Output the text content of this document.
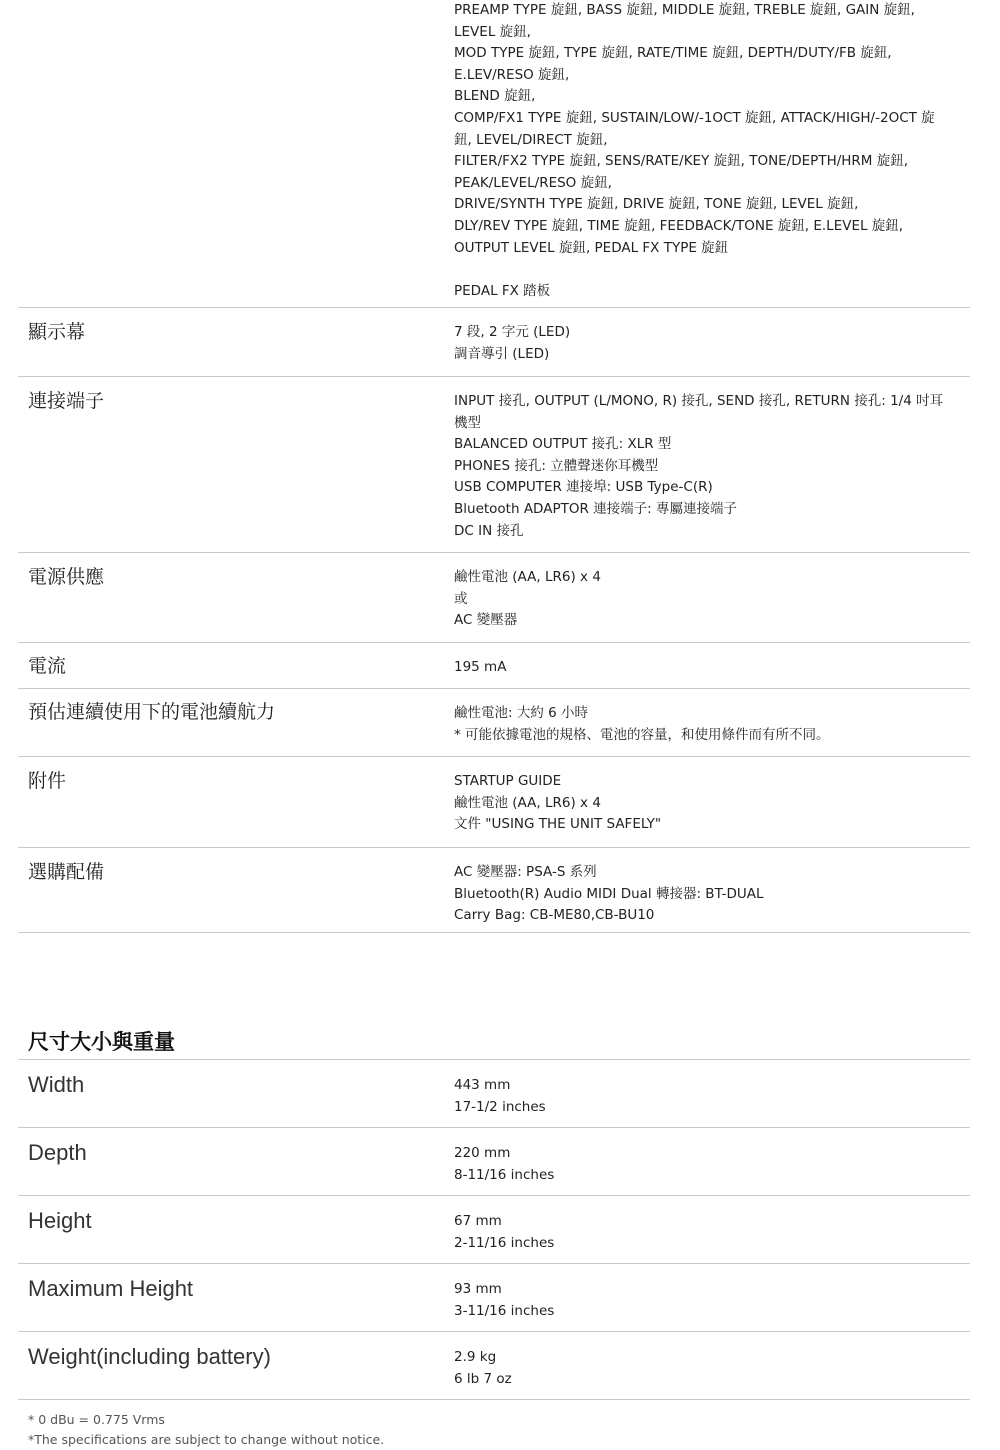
PREAMP TYPE 旋鈕, BASS 旋鈕, MIDDLE 旋鈕, TREBLE 旋鈕, GAIN 旋鈕,
LEVEL 旋鈕,
MOD TYPE 旋鈕, TYPE 旋鈕, RATE/TIME 旋鈕, DEPTH/DUTY/FB 旋鈕,
E.LEV/RESO 旋鈕,
BLEND 旋鈕,
COMP/FX1 TYPE 旋鈕, SUSTAIN/LOW/-1OCT 旋鈕, ATTACK/HIGH/-2OCT 旋
鈕, LEVEL/DIRECT 旋鈕,
FILTER/FX2 TYPE 旋鈕, SENS/RATE/KEY 旋鈕, TONE/DEPTH/HRM 旋鈕,
PEAK/LEVEL/RESO 旋鈕,
DRIVE/SYNTH TYPE 旋鈕, DRIVE 旋鈕, TONE 旋鈕, LEVEL 旋鈕,
DLY/REV TYPE 旋鈕, TIME 旋鈕, FEEDBACK/TONE 旋鈕, E.LEVEL 旋鈕,
OUTPUT LEVEL 旋鈕, PEDAL FX TYPE 旋鈕
PEDAL FX 踏板
顯示幕	7 段, 2 字元 (LED)
調音導引 (LED)
連接端子	INPUT 接孔, OUTPUT (L/MONO, R) 接孔, SEND 接孔, RETURN 接孔: 1/4 吋耳
機型
BALANCED OUTPUT 接孔: XLR 型
PHONES 接孔: 立體聲迷你耳機型
USB COMPUTER 連接埠: USB Type-C(R)
Bluetooth ADAPTOR 連接端子: 專屬連接端子
DC IN 接孔
電源供應	鹼性電池 (AA, LR6) x 4
或
AC 變壓器
電流	195 mA
預估連續使用下的電池續航力	鹼性電池: 大約 6 小時
* 可能依據電池的規格、電池的容量，和使用條件而有所不同。
附件	STARTUP GUIDE
鹼性電池 (AA, LR6) x 4
文件 "USING THE UNIT SAFELY"
選購配備	AC 變壓器: PSA-S 系列
Bluetooth(R) Audio MIDI Dual 轉接器: BT-DUAL
Carry Bag: CB-ME80,CB-BU10
尺寸大小與重量
Width	443 mm
17-1/2 inches
Depth	220 mm
8-11/16 inches
Height	67 mm
2-11/16 inches
Maximum Height	93 mm
3-11/16 inches
Weight(including battery)	2.9 kg
6 lb 7 oz
* 0 dBu = 0.775 Vrms
*The specifications are subject to change without notice.
